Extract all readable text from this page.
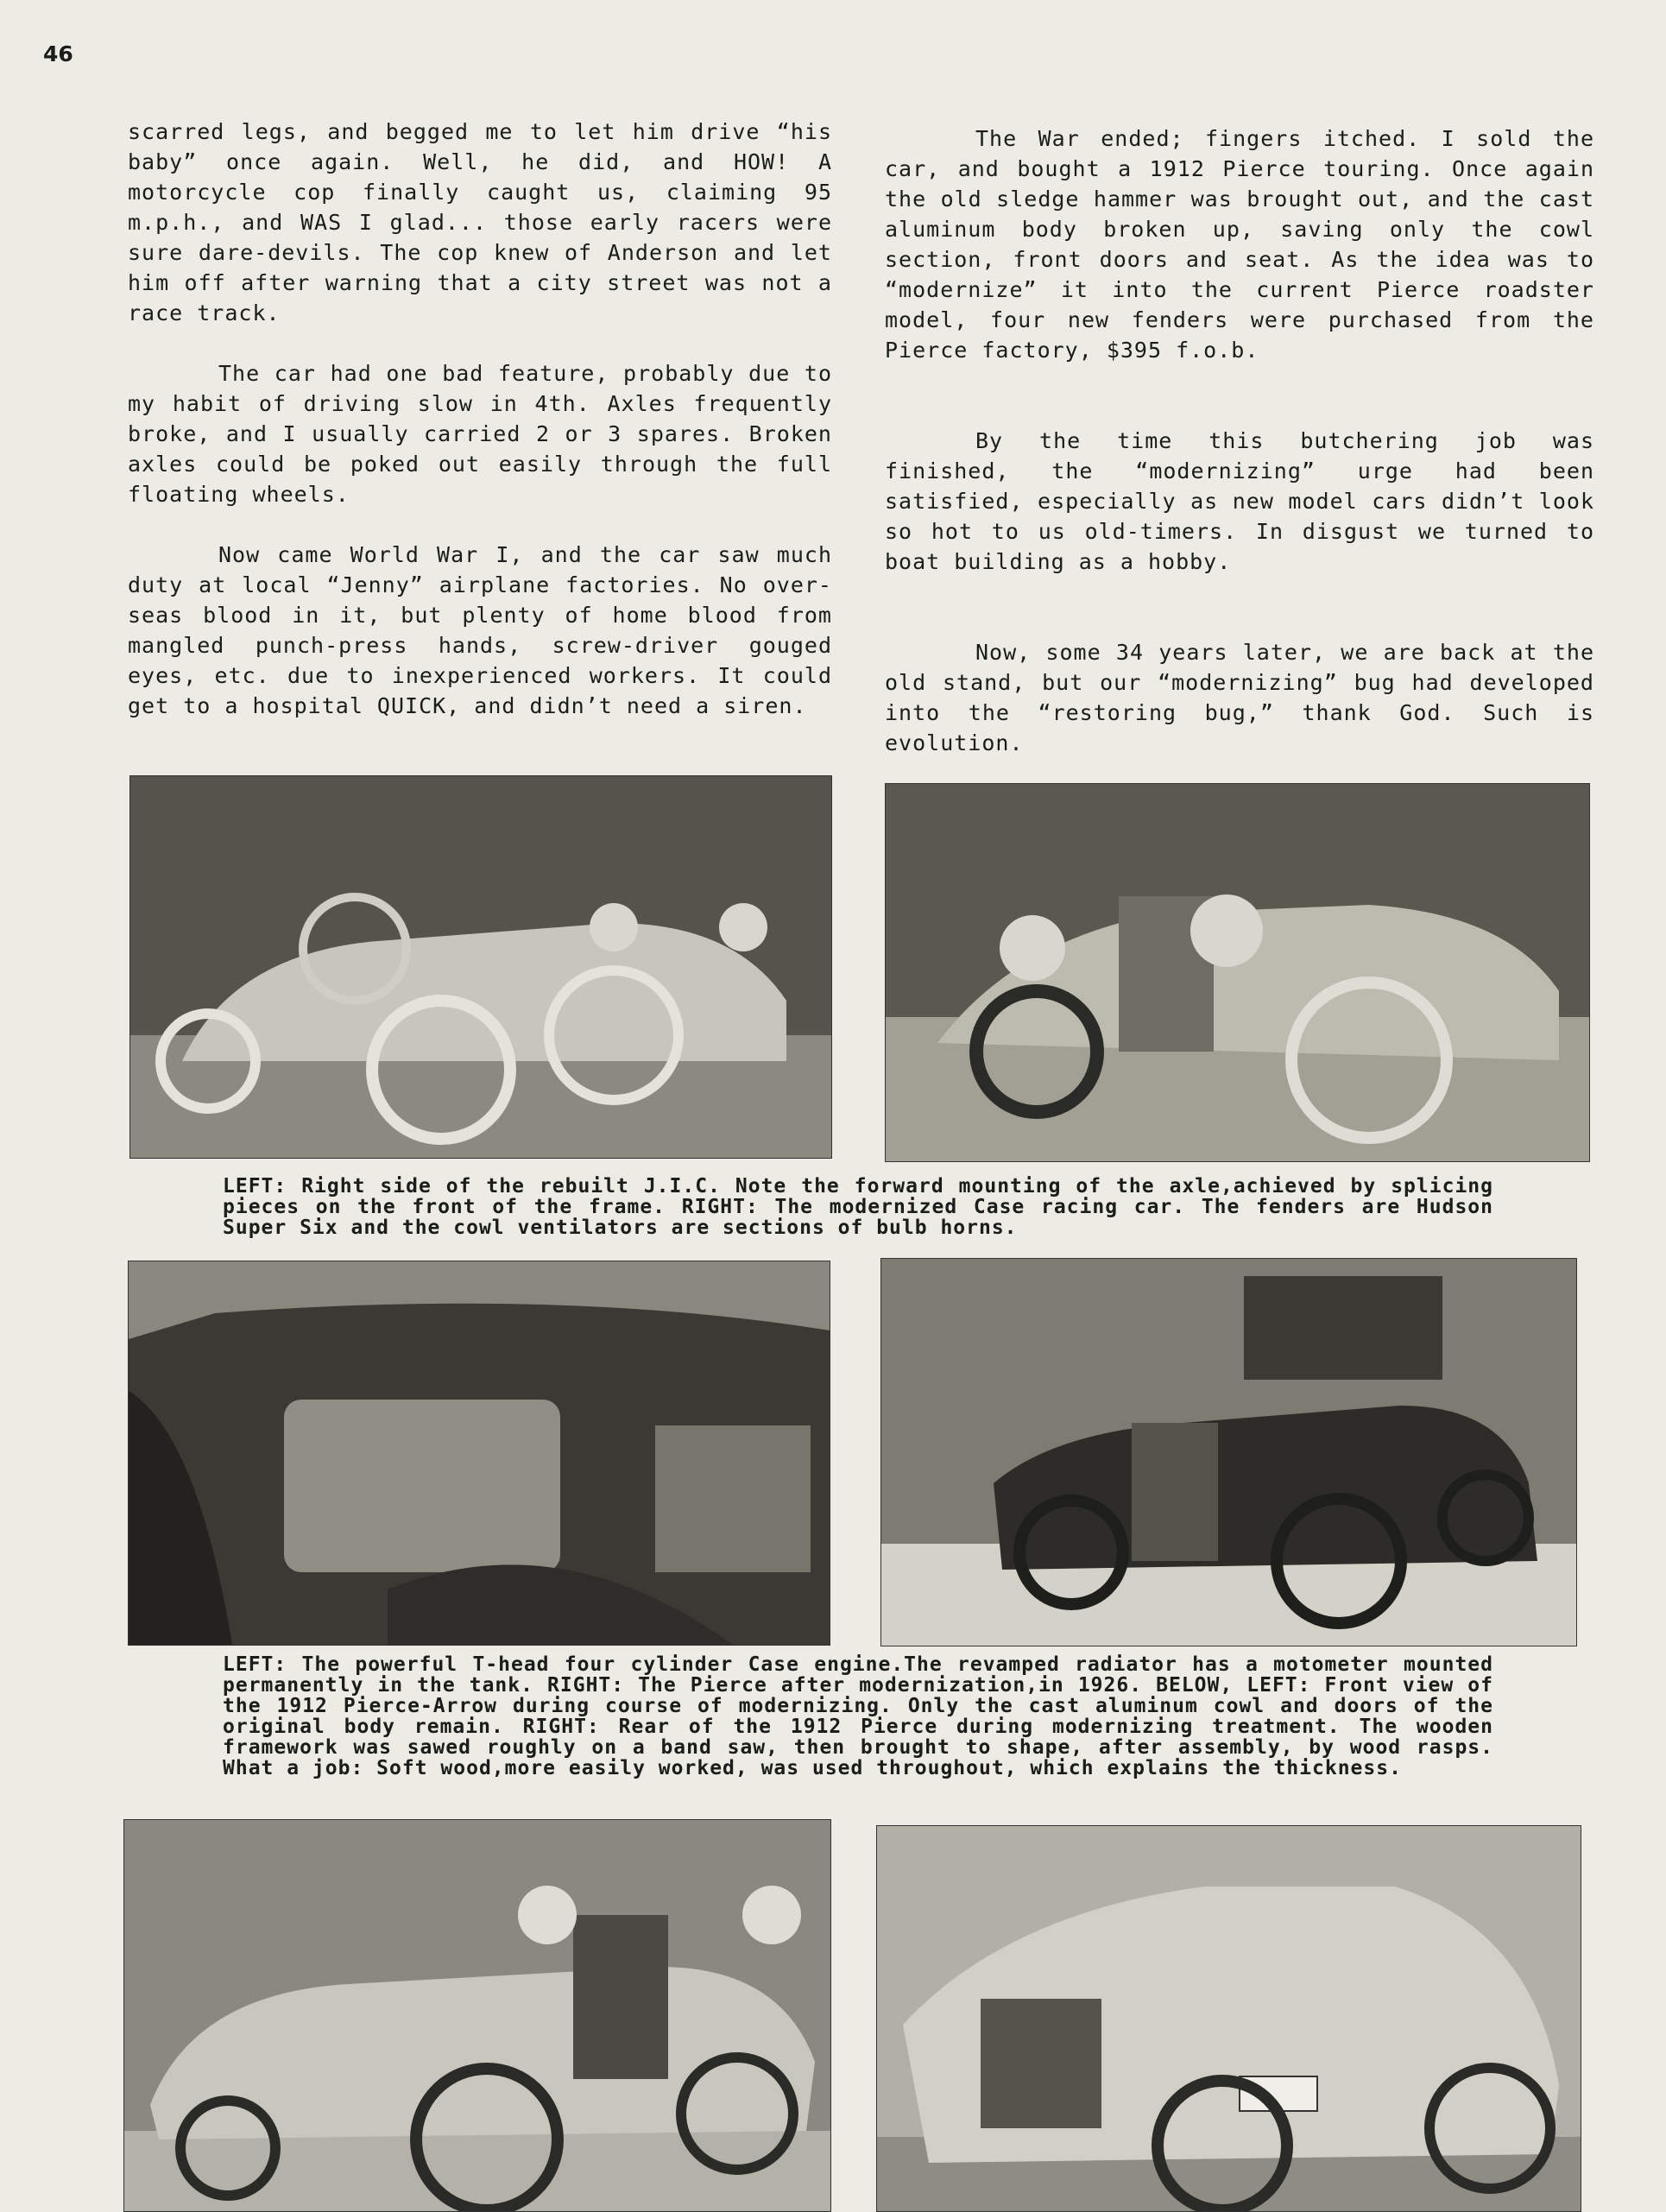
46

scarred legs, and begged me to let him drive “his baby” once again. Well, he did, and HOW! A motorcycle cop finally caught us, claiming 95 m.p.h., and WAS I glad... those early racers were sure dare-devils. The cop knew of Anderson and let him off after warning that a city street was not a race track.

The car had one bad feature, probably due to my habit of driving slow in 4th. Axles frequently broke, and I usually carried 2 or 3 spares. Broken axles could be poked out easily through the full floating wheels.

Now came World War I, and the car saw much duty at local “Jenny” airplane factories. No over-seas blood in it, but plenty of home blood from mangled punch-press hands, screw-driver gouged eyes, etc. due to inexperienced workers. It could get to a hospital QUICK, and didn’t need a siren.

The War ended; fingers itched. I sold the car, and bought a 1912 Pierce touring. Once again the old sledge hammer was brought out, and the cast aluminum body broken up, saving only the cowl section, front doors and seat. As the idea was to “modernize” it into the current Pierce roadster model, four new fenders were purchased from the Pierce factory, $395 f.o.b.

By the time this butchering job was finished, the “modernizing” urge had been satisfied, especially as new model cars didn’t look so hot to us old-timers. In disgust we turned to boat building as a hobby.

Now, some 34 years later, we are back at the old stand, but our “modernizing” bug had developed into the “restoring bug,” thank God. Such is evolution.

LEFT: Right side of the rebuilt J.I.C. Note the forward mounting of the axle,achieved by splicing pieces on the front of the frame. RIGHT: The modernized Case racing car. The fenders are Hudson Super Six and the cowl ventilators are sections of bulb horns.

LEFT: The powerful T-head four cylinder Case engine.The revamped radiator has a motometer mounted permanently in the tank. RIGHT: The Pierce after modernization,in 1926. BELOW, LEFT: Front view of the 1912 Pierce-Arrow during course of modernizing. Only the cast aluminum cowl and doors of the original body remain. RIGHT: Rear of the 1912 Pierce during modernizing treatment. The wooden framework was sawed roughly on a band saw, then brought to shape, after assembly, by wood rasps. What a job: Soft wood,more easily worked, was used throughout, which explains the thickness.
